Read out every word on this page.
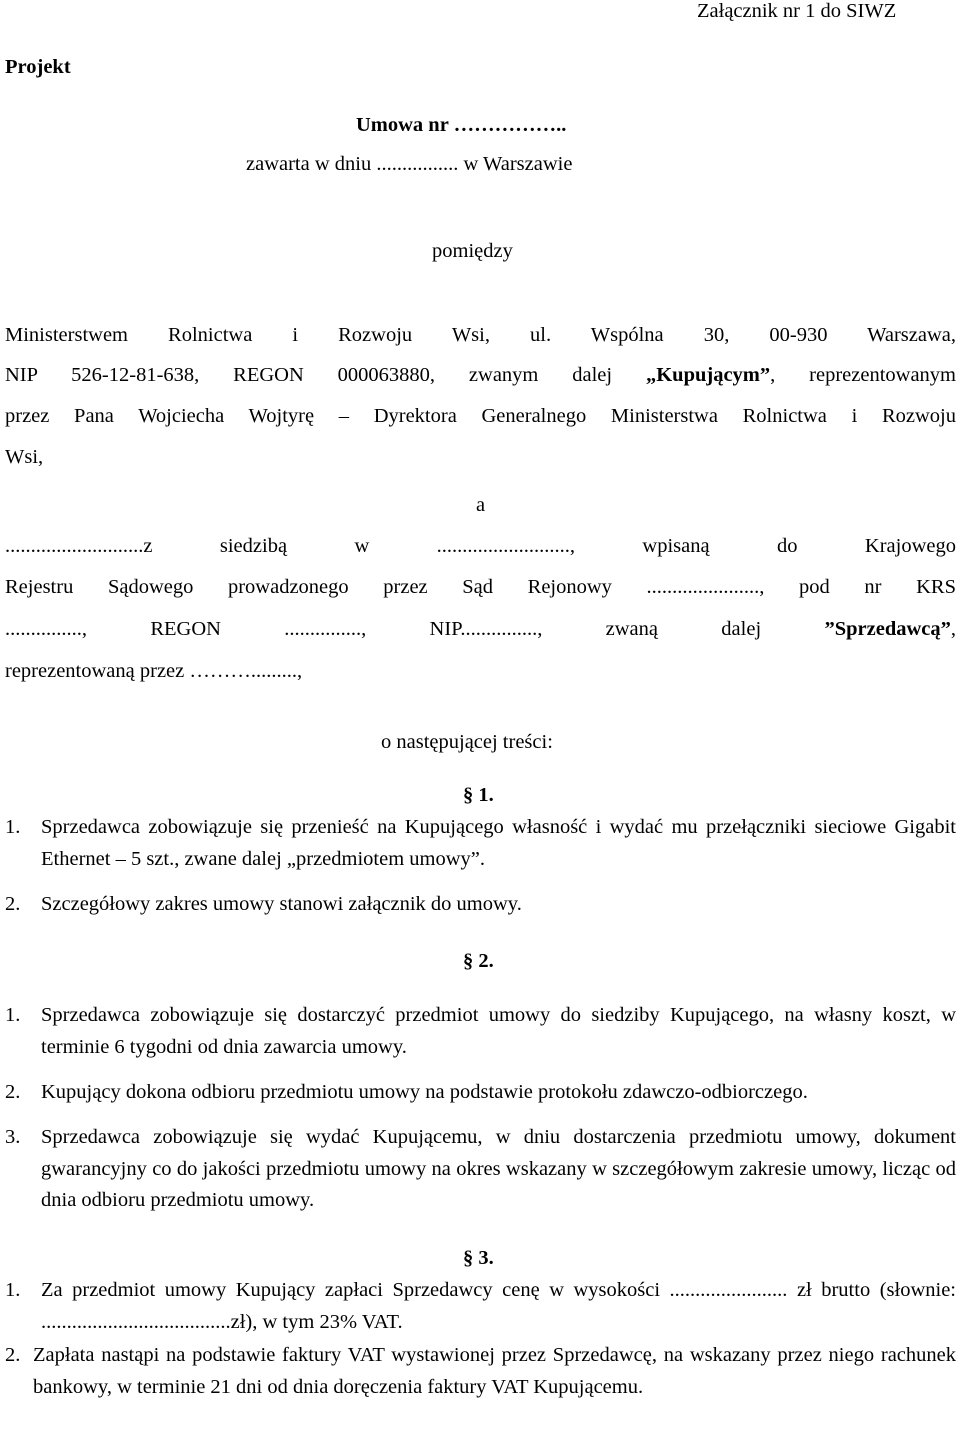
Załącznik nr 1 do SIWZ
Projekt
Umowa nr ……………..
zawarta w dniu ................ w Warszawie
pomiędzy
Ministerstwem Rolnictwa i Rozwoju Wsi, ul. Wspólna 30, 00-930 Warszawa,
NIP 526-12-81-638, REGON 000063880, zwanym dalej „Kupującym”, reprezentowanym
przez Pana Wojciecha Wojtyrę – Dyrektora Generalnego Ministerstwa Rolnictwa i Rozwoju
Wsi,
a
...........................z siedzibą w .........................., wpisaną do Krajowego
Rejestru Sądowego prowadzonego przez Sąd Rejonowy ......................, pod nr KRS
..............., REGON ..............., NIP..............., zwaną dalej ”Sprzedawcą”,
reprezentowaną przez ……….........,
o następującej treści:
§ 1.
1. Sprzedawca zobowiązuje się przenieść na Kupującego własność i wydać mu przełączniki sieciowe Gigabit Ethernet – 5 szt., zwane dalej „przedmiotem umowy”.
2. Szczegółowy zakres umowy stanowi załącznik do umowy.
§ 2.
1. Sprzedawca zobowiązuje się dostarczyć przedmiot umowy do siedziby Kupującego, na własny koszt, w terminie 6 tygodni od dnia zawarcia umowy.
2. Kupujący dokona odbioru przedmiotu umowy na podstawie protokołu zdawczo-odbiorczego.
3. Sprzedawca zobowiązuje się wydać Kupującemu, w dniu dostarczenia przedmiotu umowy, dokument gwarancyjny co do jakości przedmiotu umowy na okres wskazany w szczegółowym zakresie umowy, licząc od dnia odbioru przedmiotu umowy.
§ 3.
1. Za przedmiot umowy Kupujący zapłaci Sprzedawcy cenę w wysokości ....................... zł brutto (słownie: .....................................zł), w tym 23% VAT.
2. Zapłata nastąpi na podstawie faktury VAT wystawionej przez Sprzedawcę, na wskazany przez niego rachunek bankowy, w terminie 21 dni od dnia doręczenia faktury VAT Kupującemu.
